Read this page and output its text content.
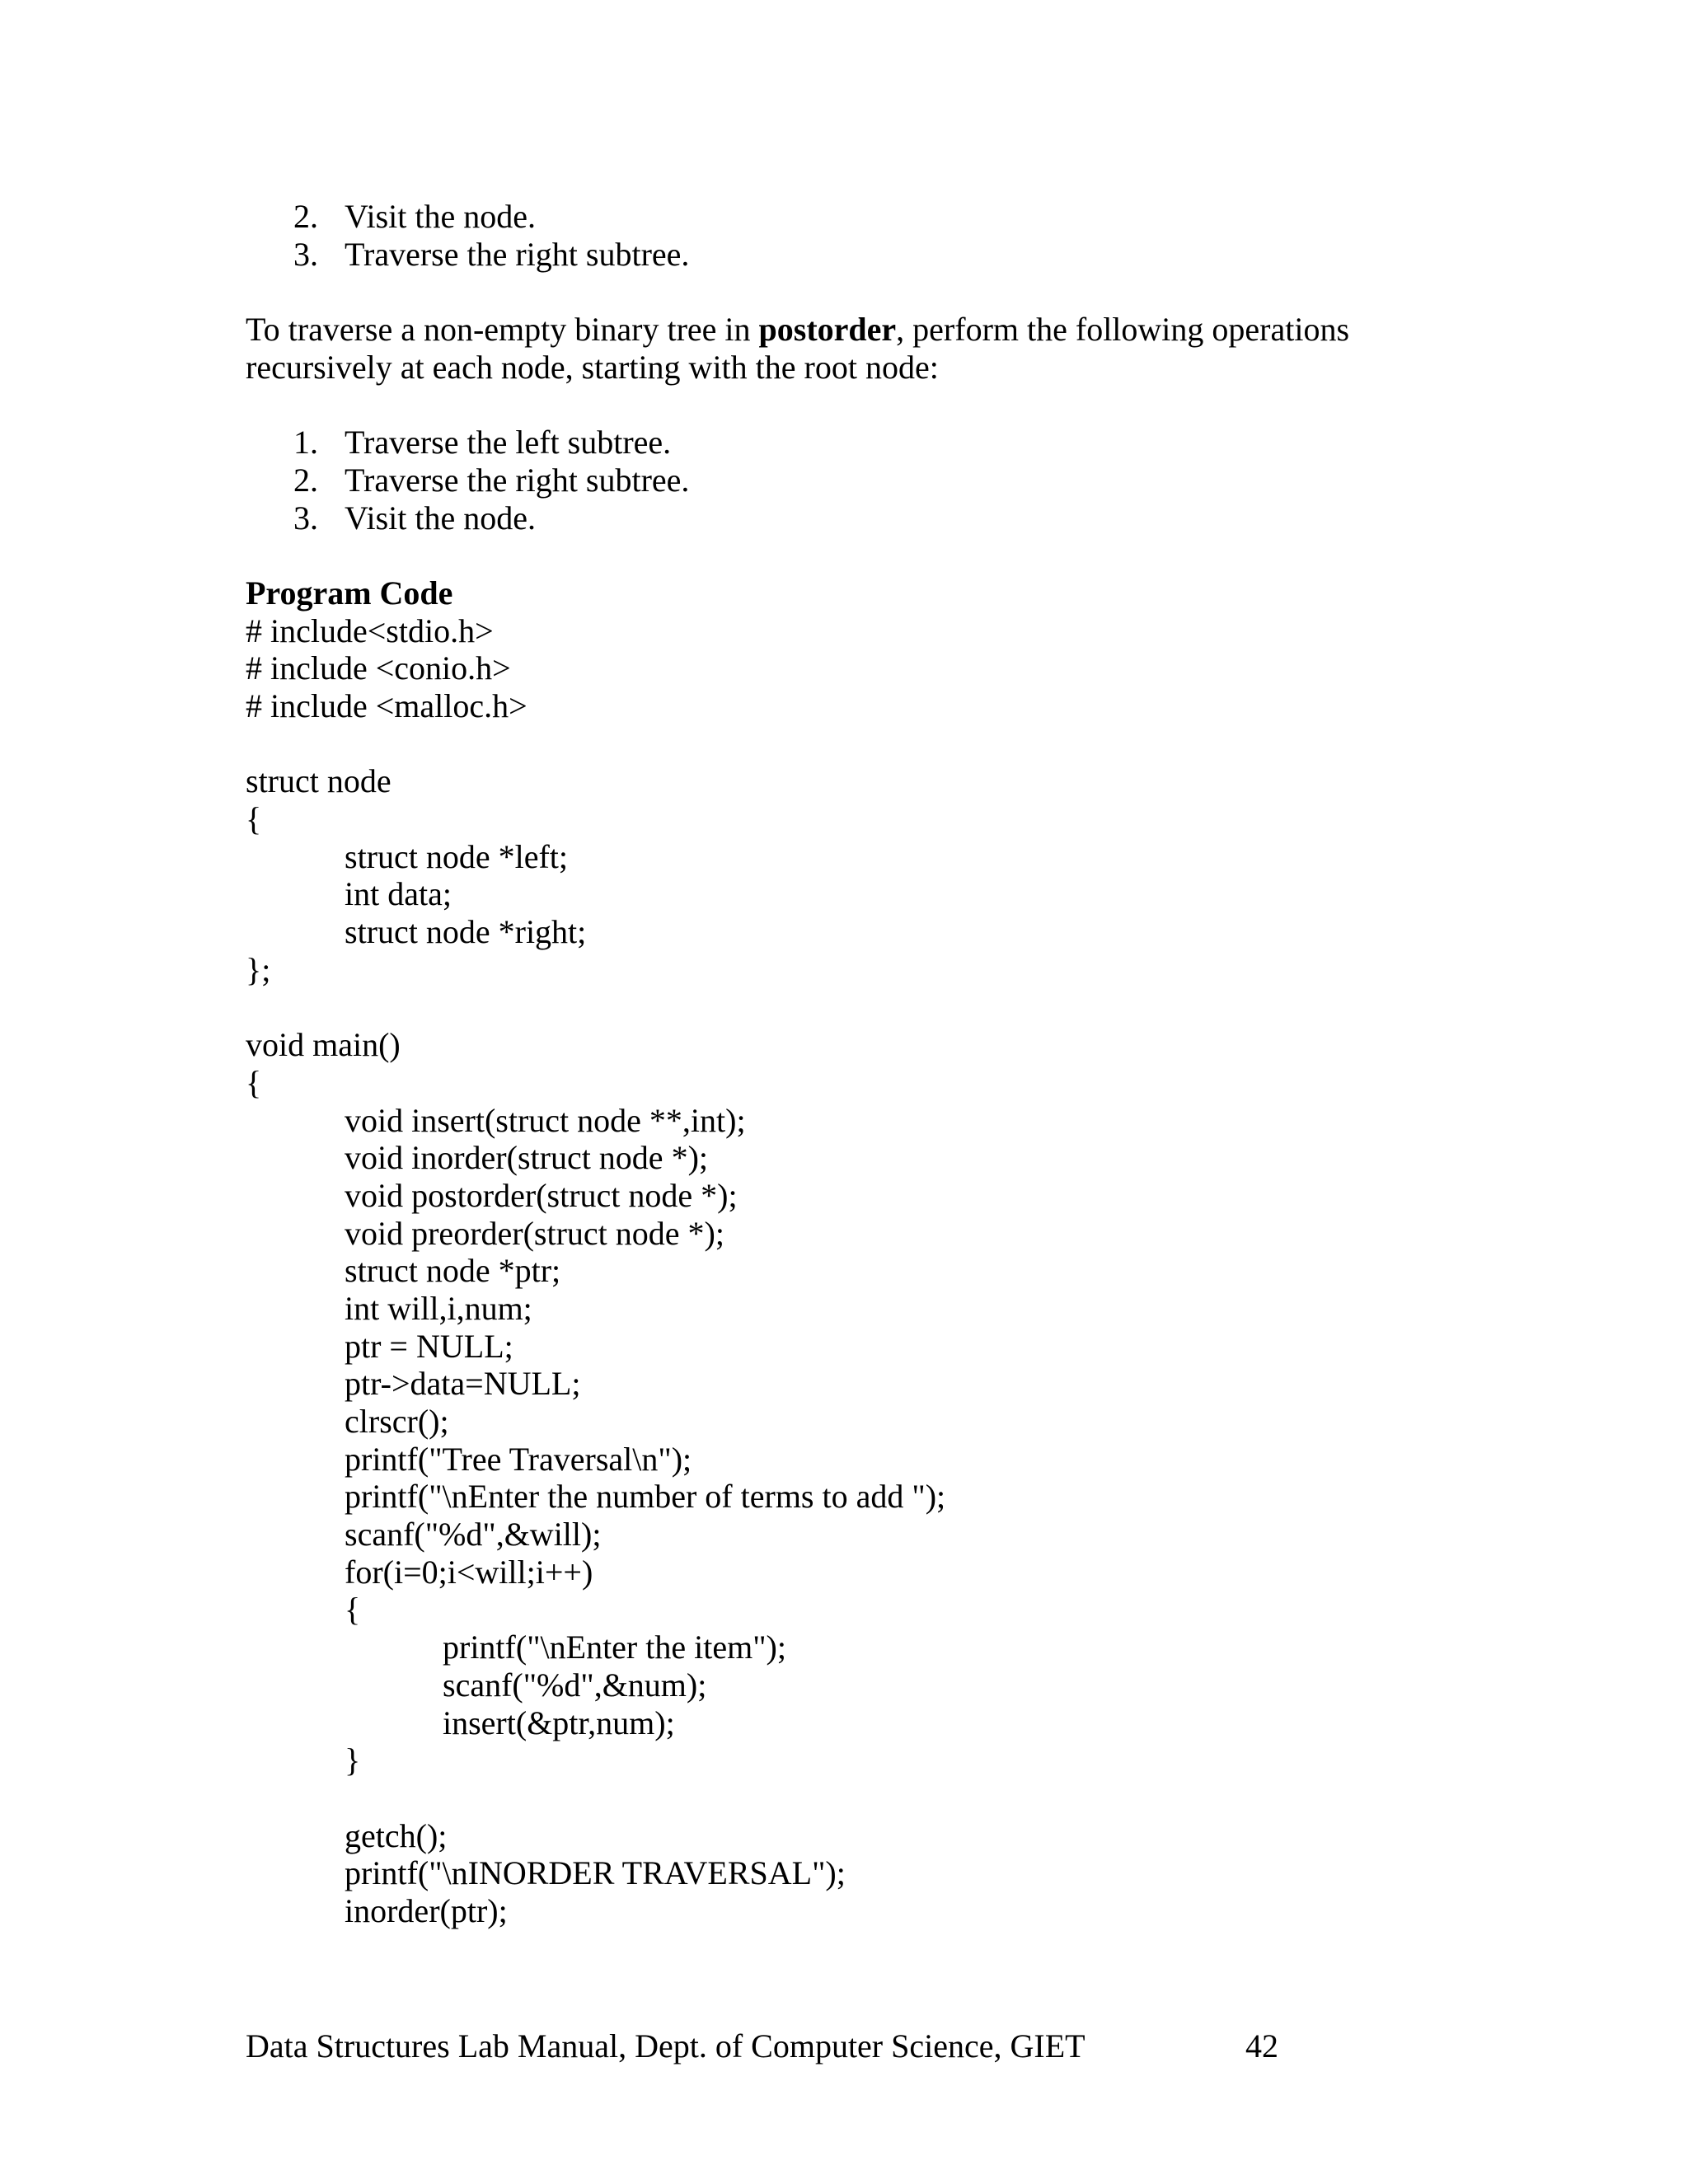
2. Visit the node.
3. Traverse the right subtree.
To traverse a non-empty binary tree in postorder, perform the following operations
recursively at each node, starting with the root node:
1. Traverse the left subtree.
2. Traverse the right subtree.
3. Visit the node.
Program Code
# include<stdio.h>
# include <conio.h>
# include <malloc.h>
struct node
{
struct node *left;
int data;
struct node *right;
};
void main()
{
void insert(struct node **,int);
void inorder(struct node *);
void postorder(struct node *);
void preorder(struct node *);
struct node *ptr;
int will,i,num;
ptr = NULL;
ptr->data=NULL;
clrscr();
printf("Tree Traversal\n");
printf("\nEnter the number of terms to add ");
scanf("%d",&will);
for(i=0;i<will;i++)
{
printf("\nEnter the item");
scanf("%d",&num);
insert(&ptr,num);
}
getch();
printf("\nINORDER TRAVERSAL");
inorder(ptr);
Data Structures Lab Manual, Dept. of Computer Science, GIET	42
